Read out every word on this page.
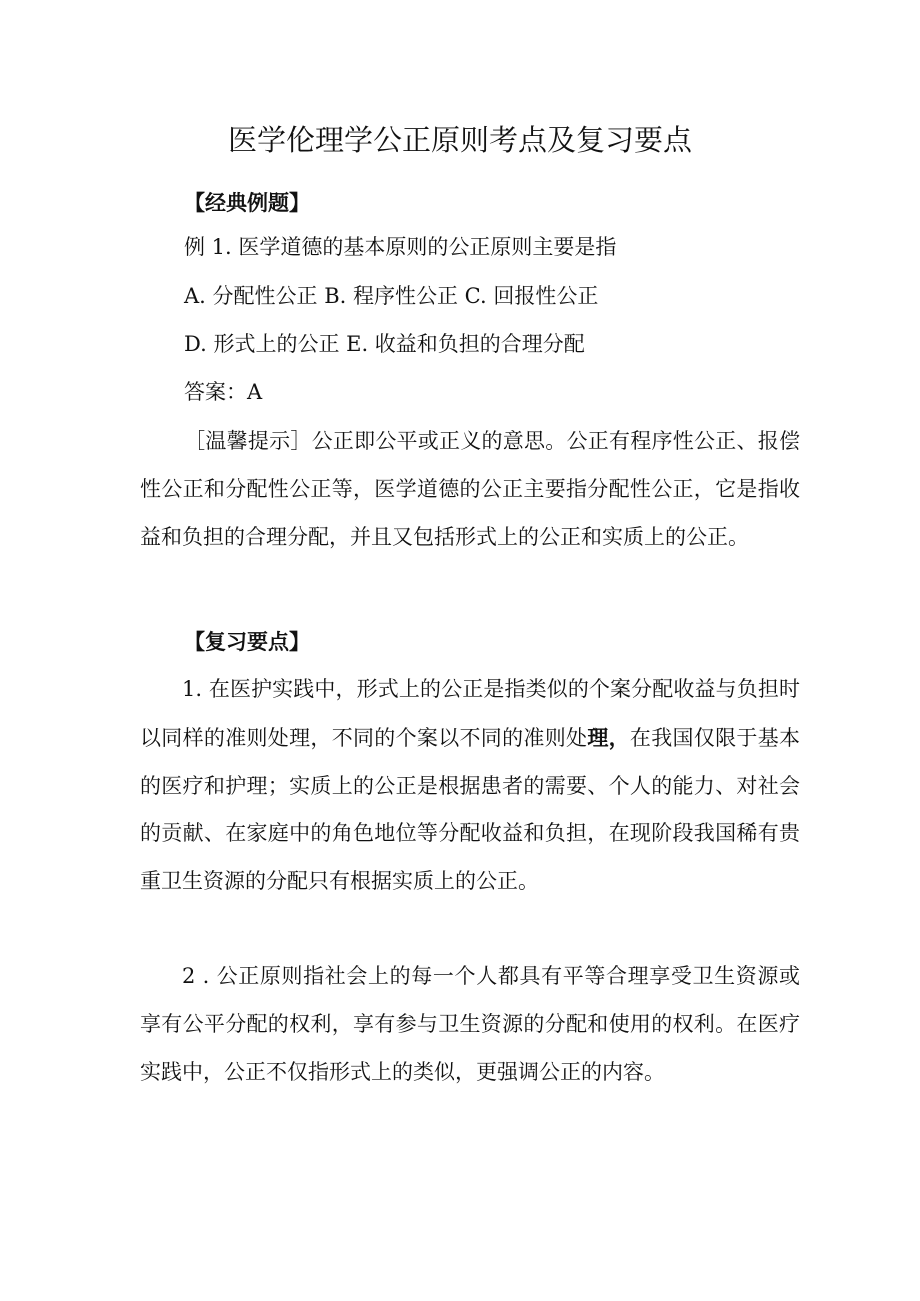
医学伦理学公正原则考点及复习要点
【经典例题】
例 1. 医学道德的基本原则的公正原则主要是指
A. 分配性公正 B. 程序性公正 C. 回报性公正
D. 形式上的公正 E. 收益和负担的合理分配
答案：A
［温馨提示］公正即公平或正义的意思。公正有程序性公正、报偿性公正和分配性公正等，医学道德的公正主要指分配性公正，它是指收益和负担的合理分配，并且又包括形式上的公正和实质上的公正。
【复习要点】
1. 在医护实践中，形式上的公正是指类似的个案分配收益与负担时以同样的准则处理，不同的个案以不同的准则处理，在我国仅限于基本的医疗和护理；实质上的公正是根据患者的需要、个人的能力、对社会的贡献、在家庭中的角色地位等分配收益和负担，在现阶段我国稀有贵重卫生资源的分配只有根据实质上的公正。
2 . 公正原则指社会上的每一个人都具有平等合理享受卫生资源或享有公平分配的权利，享有参与卫生资源的分配和使用的权利。在医疗实践中，公正不仅指形式上的类似，更强调公正的内容。
